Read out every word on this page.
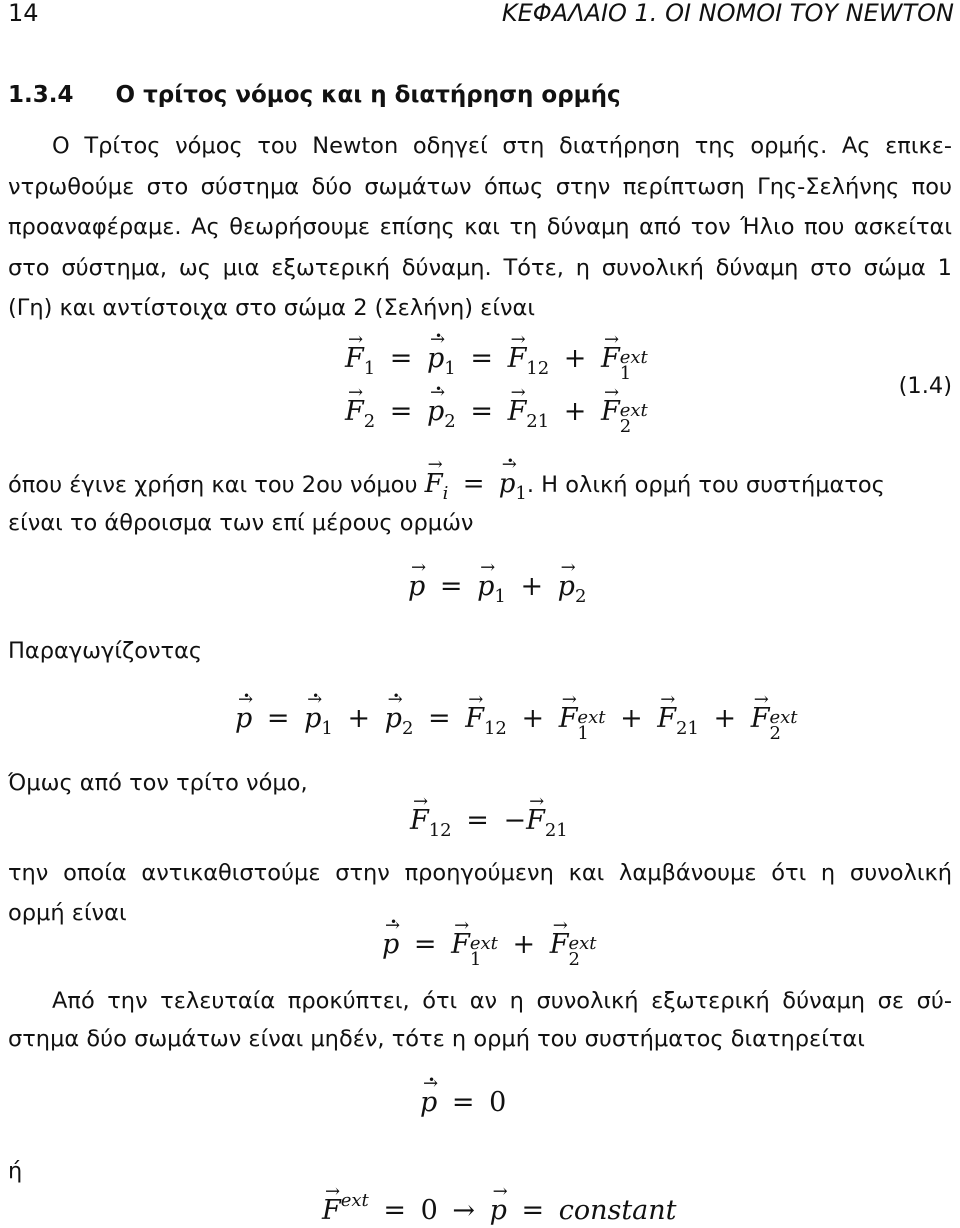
14	ΚΕΦΑΛΑΙΟ 1. ΟΙ ΝΟΜΟΙ ΤΟΥ NEWTON
1.3.4 Ο τρίτος νόμος και η διατήρηση ορμής
Ο Τρίτος νόμος του Newton οδηγεί στη διατήρηση της ορμής. Ας επικε-
ντρωθούμε στο σύστημα δύο σωμάτων όπως στην περίπτωση Γης-Σελήνης που
προαναφέραμε. Ας θεωρήσουμε επίσης και τη δύναμη από τον Ήλιο που ασκείται
στο σύστημα, ως μια εξωτερική δύναμη. Τότε, η συνολική δύναμη στο σώμα 1
(Γη) και αντίστοιχα στο σώμα 2 (Σελήνη) είναι
→ $F_1$ = → p $•_1$ = → $F_{12}$ + → F ext
1
→ $F_2$ = → p $•_2$ = → $F_{21}$ + → F ext
2
(1.4)
όπου έγινε χρήση και του 2ου $\nu ό\mu o\upsilon \to F_i$ = → p $•_1$. Η ολική ορμή του συστήματος
είναι το άθροισμα των επί μέρους ορμών
→ p = → $p_1$ + → $p_2$
Παραγωγίζοντας
→ p • = → p $•_1$ + → p $•_2$ = → $F_{12}$ + → F ext
1	+ → $F_{21}$ + → F ext
2
Όμως από τον τρίτο νόμο,
→ $F_{12}$ = −→ $F_{21}$
την οποία αντικαθιστούμε στην προηγούμενη και λαμβάνουμε ότι η συνολική
ορμή είναι
→ p • = → F ext
1	+ → F ext
2
Από την τελευταία προκύπτει, ότι αν η συνολική εξωτερική δύναμη σε σύ-
στημα δύο σωμάτων είναι μηδέν, τότε η ορμή του συστήματος διατηρείται
→ p • = 0
ή
→ $F^{ext} = 0$ → → p = constant
